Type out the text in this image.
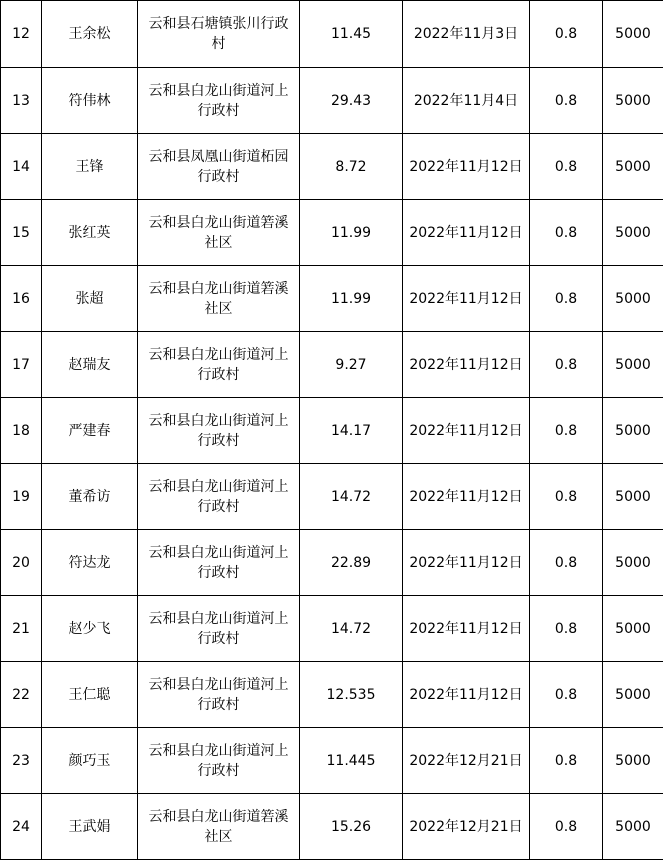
12	王余松	云和县石塘镇张川行政村	11.45	2022年11月3日	0.8	5000
13	符伟林	云和县白龙山街道河上行政村	29.43	2022年11月4日	0.8	5000
14	王锋	云和县凤凰山街道柘园行政村	8.72	2022年11月12日	0.8	5000
15	张红英	云和县白龙山街道箬溪社区	11.99	2022年11月12日	0.8	5000
16	张超	云和县白龙山街道箬溪社区	11.99	2022年11月12日	0.8	5000
17	赵瑞友	云和县白龙山街道河上行政村	9.27	2022年11月12日	0.8	5000
18	严建春	云和县白龙山街道河上行政村	14.17	2022年11月12日	0.8	5000
19	董希访	云和县白龙山街道河上行政村	14.72	2022年11月12日	0.8	5000
20	符达龙	云和县白龙山街道河上行政村	22.89	2022年11月12日	0.8	5000
21	赵少飞	云和县白龙山街道河上行政村	14.72	2022年11月12日	0.8	5000
22	王仁聪	云和县白龙山街道河上行政村	12.535	2022年11月12日	0.8	5000
23	颜巧玉	云和县白龙山街道河上行政村	11.445	2022年12月21日	0.8	5000
24	王武娟	云和县白龙山街道箬溪社区	15.26	2022年12月21日	0.8	5000
